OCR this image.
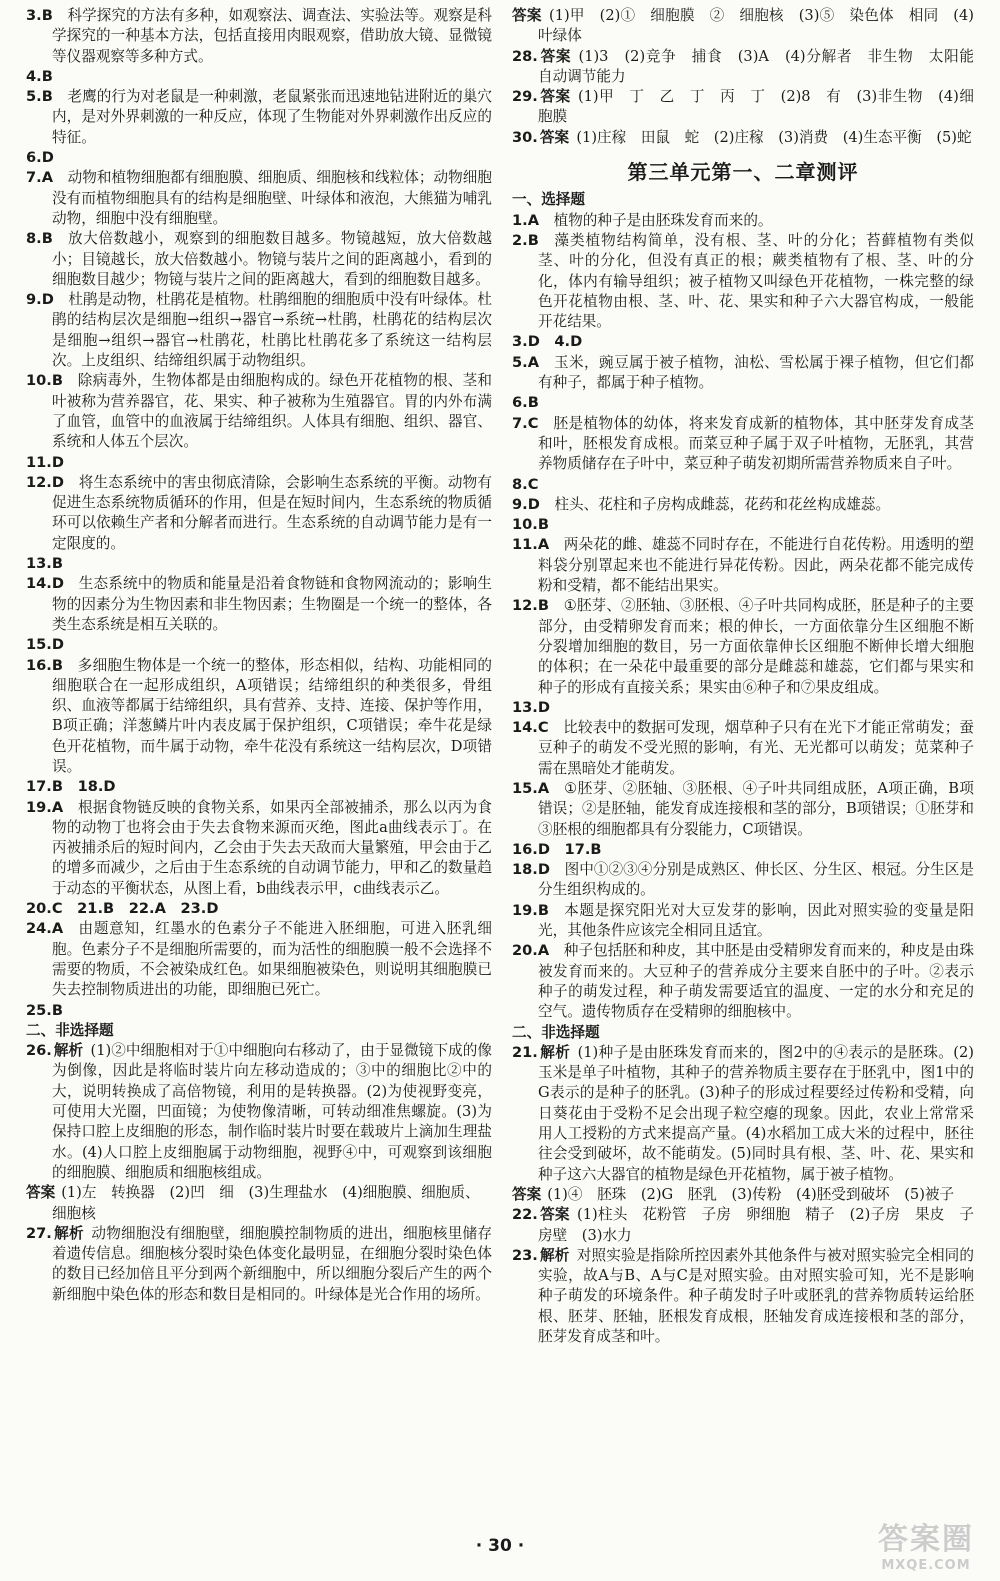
3.B  科学探究的方法有多种，如观察法、调查法、实验法等。观察是科学探究的一种基本方法，包括直接用肉眼观察，借助放大镜、显微镜等仪器观察等多种方式。

4.B

5.B  老鹰的行为对老鼠是一种刺激，老鼠紧张而迅速地钻进附近的巢穴内，是对外界刺激的一种反应，体现了生物能对外界刺激作出反应的特征。

6.D

7.A  动物和植物细胞都有细胞膜、细胞质、细胞核和线粒体；动物细胞没有而植物细胞具有的结构是细胞壁、叶绿体和液泡，大熊猫为哺乳动物，细胞中没有细胞壁。

8.B  放大倍数越小，观察到的细胞数目越多。物镜越短，放大倍数越小；目镜越长，放大倍数越小。物镜与装片之间的距离越小，看到的细胞数目越少；物镜与装片之间的距离越大，看到的细胞数目越多。

9.D  杜鹃是动物，杜鹃花是植物。杜鹃细胞的细胞质中没有叶绿体。杜鹃的结构层次是细胞→组织→器官→系统→杜鹃，杜鹃花的结构层次是细胞→组织→器官→杜鹃花，杜鹃比杜鹃花多了系统这一结构层次。上皮组织、结缔组织属于动物组织。

10.B  除病毒外，生物体都是由细胞构成的。绿色开花植物的根、茎和叶被称为营养器官，花、果实、种子被称为生殖器官。胃的内外布满了血管，血管中的血液属于结缔组织。人体具有细胞、组织、器官、系统和人体五个层次。

11.D

12.D  将生态系统中的害虫彻底清除，会影响生态系统的平衡。动物有促进生态系统物质循环的作用，但是在短时间内，生态系统的物质循环可以依赖生产者和分解者而进行。生态系统的自动调节能力是有一定限度的。

13.B

14.D  生态系统中的物质和能量是沿着食物链和食物网流动的；影响生物的因素分为生物因素和非生物因素；生物圈是一个统一的整体，各类生态系统是相互关联的。

15.D

16.B  多细胞生物体是一个统一的整体，形态相似，结构、功能相同的细胞联合在一起形成组织，A项错误；结缔组织的种类很多，骨组织、血液等都属于结缔组织，具有营养、支持、连接、保护等作用，B项正确；洋葱鳞片叶内表皮属于保护组织，C项错误；牵牛花是绿色开花植物，而牛属于动物，牵牛花没有系统这一结构层次，D项错误。

17.B　18.D

19.A  根据食物链反映的食物关系，如果丙全部被捕杀，那么以丙为食物的动物丁也将会由于失去食物来源而灭绝，图此a曲线表示丁。在丙被捕杀后的短时间内，乙会由于失去天敌而大量繁殖，甲会由于乙的增多而减少，之后由于生态系统的自动调节能力，甲和乙的数量趋于动态的平衡状态，从图上看，b曲线表示甲，c曲线表示乙。

20.C　21.B　22.A　23.D

24.A  由题意知，红墨水的色素分子不能进入胚细胞，可进入胚乳细胞。色素分子不是细胞所需要的，而为活性的细胞膜一般不会选择不需要的物质，不会被染成红色。如果细胞被染色，则说明其细胞膜已失去控制物质进出的功能，即细胞已死亡。

25.B

二、非选择题

26. 解析  (1)②中细胞相对于①中细胞向右移动了，由于显微镜下成的像为倒像，因此是将临时装片向左移动造成的；③中的细胞比②中的大，说明转换成了高倍物镜，利用的是转换器。(2)为使视野变亮，可使用大光圈，凹面镜；为使物像清晰，可转动细准焦螺旋。(3)为保持口腔上皮细胞的形态，制作临时装片时要在载玻片上滴加生理盐水。(4)人口腔上皮细胞属于动物细胞，视野④中，可观察到该细胞的细胞膜、细胞质和细胞核组成。

答案 (1)左　转换器　(2)凹　细　(3)生理盐水　(4)细胞膜、细胞质、细胞核

27. 解析  动物细胞没有细胞壁，细胞膜控制物质的进出，细胞核里储存着遗传信息。细胞核分裂时染色体变化最明显，在细胞分裂时染色体的数目已经加倍且平分到两个新细胞中，所以细胞分裂后产生的两个新细胞中染色体的形态和数目是相同的。叶绿体是光合作用的场所。

答案  (1)甲　(2)①　细胞膜　②　细胞核　(3)⑤　染色体　相同　(4)叶绿体

28. 答案  (1)3　(2)竞争　捕食　(3)A　(4)分解者　非生物　太阳能　自动调节能力

29. 答案  (1)甲　丁　乙　丁　丙　丁　(2)8　有　(3)非生物　(4)细胞膜

30. 答案  (1)庄稼　田鼠　蛇　(2)庄稼　(3)消费　(4)生态平衡　(5)蛇

第三单元第一、二章测评

一、选择题

1.A  植物的种子是由胚珠发育而来的。

2.B  藻类植物结构简单，没有根、茎、叶的分化；苔藓植物有类似茎、叶的分化，但没有真正的根；蕨类植物有了根、茎、叶的分化，体内有输导组织；被子植物又叫绿色开花植物，一株完整的绿色开花植物由根、茎、叶、花、果实和种子六大器官构成，一般能开花结果。

3.D　4.D

5.A  玉米，豌豆属于被子植物，油松、雪松属于裸子植物，但它们都有种子，都属于种子植物。

6.B

7.C  胚是植物体的幼体，将来发育成新的植物体，其中胚芽发育成茎和叶，胚根发育成根。而菜豆种子属于双子叶植物，无胚乳，其营养物质储存在子叶中，菜豆种子萌发初期所需营养物质来自子叶。

8.C

9.D  柱头、花柱和子房构成雌蕊，花药和花丝构成雄蕊。

10.B

11.A  两朵花的雌、雄蕊不同时存在，不能进行自花传粉。用透明的塑料袋分别罩起来也不能进行异花传粉。因此，两朵花都不能完成传粉和受精，都不能结出果实。

12.B  ①胚芽、②胚轴、③胚根、④子叶共同构成胚，胚是种子的主要部分，由受精卵发育而来；根的伸长，一方面依靠分生区细胞不断分裂增加细胞的数目，另一方面依靠伸长区细胞不断伸长增大细胞的体积；在一朵花中最重要的部分是雌蕊和雄蕊，它们都与果实和种子的形成有直接关系；果实由⑥种子和⑦果皮组成。

13.D

14.C  比较表中的数据可发现，烟草种子只有在光下才能正常萌发；蚕豆种子的萌发不受光照的影响，有光、无光都可以萌发；苋菜种子需在黑暗处才能萌发。

15.A  ①胚芽、②胚轴、③胚根、④子叶共同组成胚，A项正确，B项错误；②是胚轴，能发育成连接根和茎的部分，B项错误；①胚芽和③胚根的细胞都具有分裂能力，C项错误。

16.D　17.B

18.D  图中①②③④分别是成熟区、伸长区、分生区、根冠。分生区是分生组织构成的。

19.B  本题是探究阳光对大豆发芽的影响，因此对照实验的变量是阳光，其他条件应该完全相同且适宜。

20.A  种子包括胚和种皮，其中胚是由受精卵发育而来的，种皮是由珠被发育而来的。大豆种子的营养成分主要来自胚中的子叶。②表示种子的萌发过程，种子萌发需要适宜的温度、一定的水分和充足的空气。遗传物质存在受精卵的细胞核中。

二、非选择题

21. 解析  (1)种子是由胚珠发育而来的，图2中的④表示的是胚珠。(2)玉米是单子叶植物，其种子的营养物质主要存在于胚乳中，图1中的G表示的是种子的胚乳。(3)种子的形成过程要经过传粉和受精，向日葵花由于受粉不足会出现子粒空瘪的现象。因此，农业上常常采用人工授粉的方式来提高产量。(4)水稻加工成大米的过程中，胚往往会受到破坏，故不能萌发。(5)同时具有根、茎、叶、花、果实和种子这六大器官的植物是绿色开花植物，属于被子植物。

答案 (1)④　胚珠　(2)G　胚乳　(3)传粉　(4)胚受到破坏　(5)被子

22. 答案  (1)柱头　花粉管　子房　卵细胞　精子　(2)子房　果皮　子房壁　(3)水力

23. 解析  对照实验是指除所控因素外其他条件与被对照实验完全相同的实验，故A与B、A与C是对照实验。由对照实验可知，光不是影响种子萌发的环境条件。种子萌发时子叶或胚乳的营养物质转运给胚根、胚芽、胚轴，胚根发育成根，胚轴发育成连接根和茎的部分，胚芽发育成茎和叶。

· 30 ·	答案圈
MXQE.COM
